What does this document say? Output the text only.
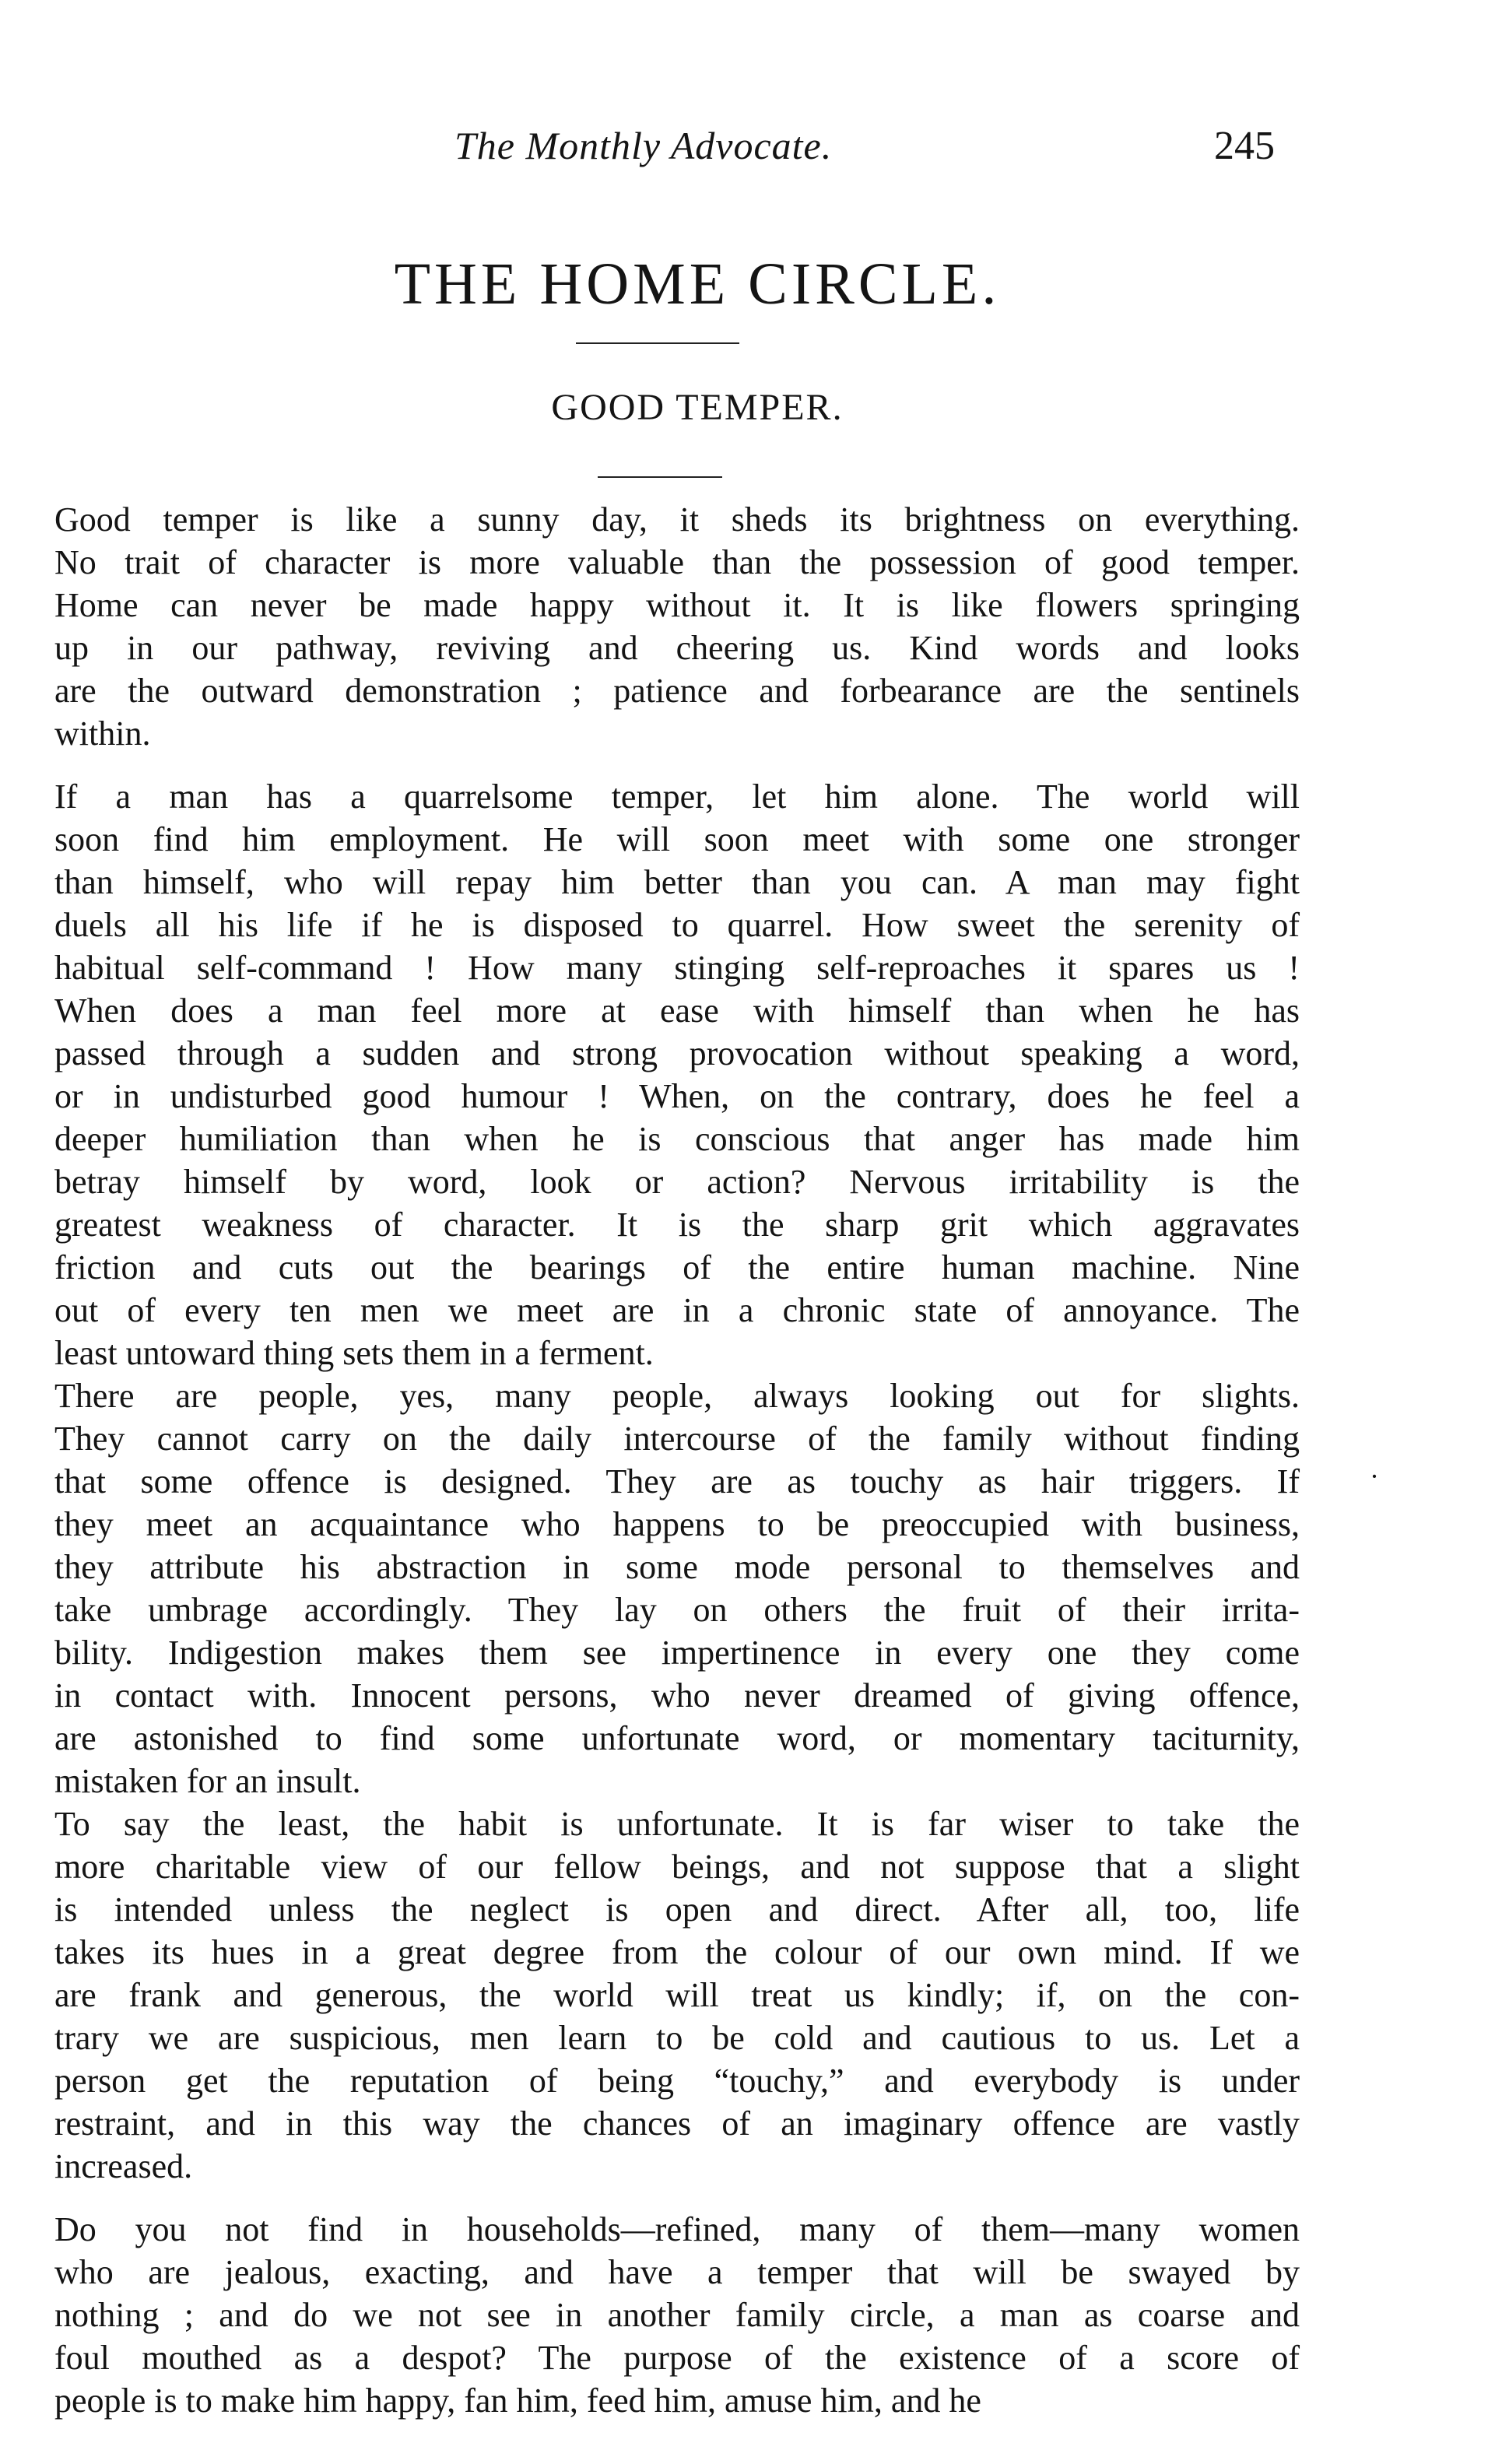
The Monthly Advocate.	245
THE HOME CIRCLE.
GOOD TEMPER.
Good temper is like a sunny day, it sheds its brightness on everything.
No trait of character is more valuable than the possession of good temper.
Home can never be made happy without it. It is like flowers springing
up in our pathway, reviving and cheering us. Kind words and looks
are the outward demonstration ; patience and forbearance are the sentinels
within.
If a man has a quarrelsome temper, let him alone. The world will
soon find him employment. He will soon meet with some one stronger
than himself, who will repay him better than you can. A man may fight
duels all his life if he is disposed to quarrel. How sweet the serenity of
habitual self-command ! How many stinging self-reproaches it spares us !
When does a man feel more at ease with himself than when he has
passed through a sudden and strong provocation without speaking a word,
or in undisturbed good humour ! When, on the contrary, does he feel a
deeper humiliation than when he is conscious that anger has made him
betray himself by word, look or action? Nervous irritability is the
greatest weakness of character. It is the sharp grit which aggravates
friction and cuts out the bearings of the entire human machine. Nine
out of every ten men we meet are in a chronic state of annoyance. The
least untoward thing sets them in a ferment.
There are people, yes, many people, always looking out for slights.
They cannot carry on the daily intercourse of the family without finding
that some offence is designed. They are as touchy as hair triggers. If
they meet an acquaintance who happens to be preoccupied with business,
they attribute his abstraction in some mode personal to themselves and
take umbrage accordingly. They lay on others the fruit of their irrita-
bility. Indigestion makes them see impertinence in every one they come
in contact with. Innocent persons, who never dreamed of giving offence,
are astonished to find some unfortunate word, or momentary taciturnity,
mistaken for an insult.
To say the least, the habit is unfortunate. It is far wiser to take the
more charitable view of our fellow beings, and not suppose that a slight
is intended unless the neglect is open and direct. After all, too, life
takes its hues in a great degree from the colour of our own mind. If we
are frank and generous, the world will treat us kindly; if, on the con-
trary we are suspicious, men learn to be cold and cautious to us. Let a
person get the reputation of being “touchy,” and everybody is under
restraint, and in this way the chances of an imaginary offence are vastly
increased.
Do you not find in households—refined, many of them—many women
who are jealous, exacting, and have a temper that will be swayed by
nothing ; and do we not see in another family circle, a man as coarse and
foul mouthed as a despot? The purpose of the existence of a score of
people is to make him happy, fan him, feed him, amuse him, and he
·
